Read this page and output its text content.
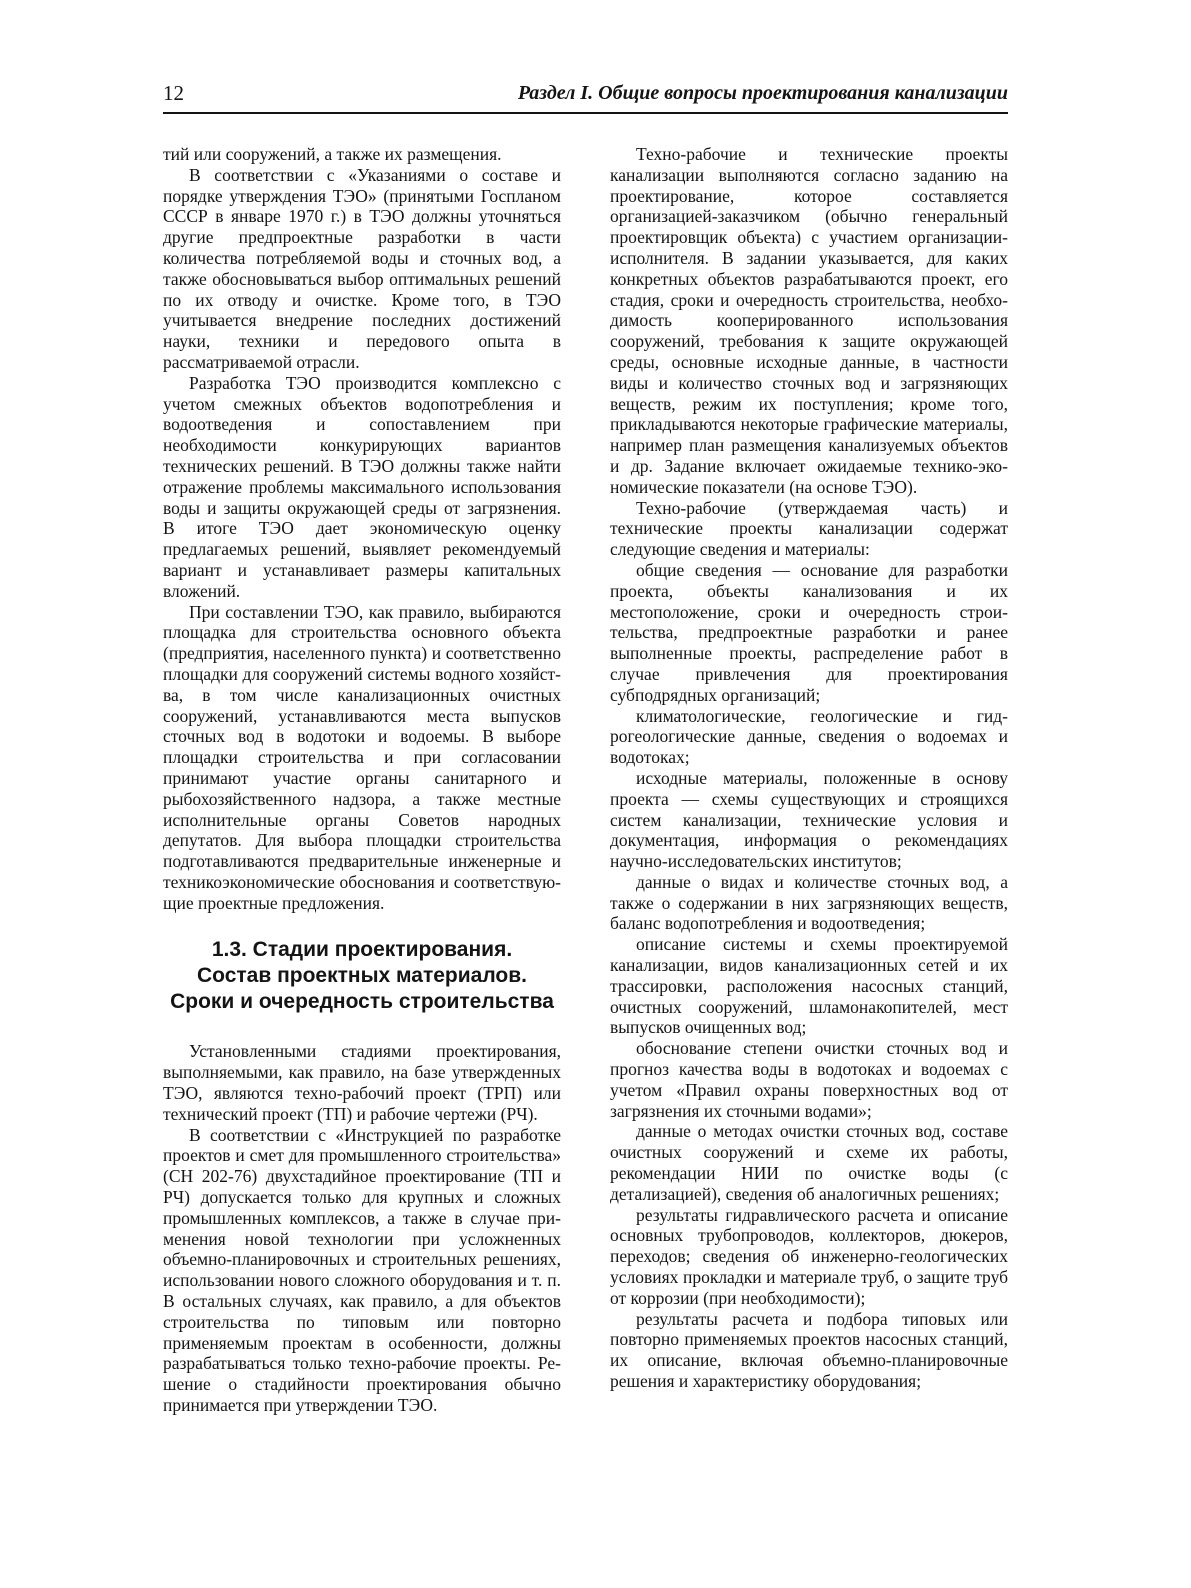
12	Раздел I. Общие вопросы проектирования канализации

тий или сооружений, а также их размещения.

В соответствии с «Указаниями о составе и порядке утверждения ТЭО» (принятыми Госпланом СССР в январе 1970 г.) в ТЭО должны уточняться другие предпроектные разработки в части количества потребляемой воды и сточных вод, а также обосновываться выбор оптимальных решений по их отводу и очистке. Кроме того, в ТЭО учитывается внедрение последних достижений науки, техники и передового опыта в рассматриваемой отрасли.

Разработка ТЭО производится комплексно с учетом смежных объектов водопотребления и водоотведения и сопоставлением при необходимости конкурирующих вариантов технических решений. В ТЭО должны также найти отражение проблемы максимального использования воды и защиты окружающей среды от загрязнения. В итоге ТЭО дает экономическую оценку предлагаемых решений, выявляет рекомендуемый вариант и устанавливает размеры капитальных вложений.

При составлении ТЭО, как правило, выбираются площадка для строительства основного объекта (предприятия, населенного пункта) и соответственно площадки для сооружений системы водного хозяйства, в том числе канализационных очистных сооружений, устанавливаются места выпусков сточных вод в водотоки и водоемы. В выборе площадки строительства и при согласовании принимают участие органы санитарного и рыбохозяйственного надзора, а также местные исполнительные органы Советов народных депутатов. Для выбора площадки строительства подготавливаются предварительные инженерные и техникоэкономические обоснования и соответствующие проектные предложения.

1.3. Стадии проектирования.
Состав проектных материалов.
Сроки и очередность строительства

Установленными стадиями проектирования, выполняемыми, как правило, на базе утвержденных ТЭО, являются техно-рабочий проект (ТРП) или технический проект (ТП) и рабочие чертежи (РЧ).

В соответствии с «Инструкцией по разработке проектов и смет для промышленного строительства» (СН 202-76) двухстадийное проектирование (ТП и РЧ) допускается только для крупных и сложных промышленных комплексов, а также в случае применения новой технологии при усложненных объемно-планировочных и строительных решениях, использовании нового сложного оборудования и т. п. В остальных случаях, как правило, а для объектов строительства по типовым или повторно применяемым проектам в особенности, должны разрабатываться только техно-рабочие проекты. Решение о стадийности проектирования обычно принимается при утверждении ТЭО.

Техно-рабочие и технические проекты канализации выполняются согласно заданию на проектирование, которое составляется организацией-заказчиком (обычно генеральный проектировщик объекта) с участием организации-исполнителя. В задании указывается, для каких конкретных объектов разрабатываются проект, его стадия, сроки и очередность строительства, необходимость кооперированного использования сооружений, требования к защите окружающей среды, основные исходные данные, в частности виды и количество сточных вод и загрязняющих веществ, режим их поступления; кроме того, прикладываются некоторые графические материалы, например план размещения канализуемых объектов и др. Задание включает ожидаемые технико-экономические показатели (на основе ТЭО).

Техно-рабочие (утверждаемая часть) и технические проекты канализации содержат следующие сведения и материалы:

общие сведения — основание для разработки проекта, объекты канализования и их местоположение, сроки и очередность строительства, предпроектные разработки и ранее выполненные проекты, распределение работ в случае привлечения для проектирования субподрядных организаций;

климатологические, геологические и гидрогеологические данные, сведения о водоемах и водотоках;

исходные материалы, положенные в основу проекта — схемы существующих и строящихся систем канализации, технические условия и документация, информация о рекомендациях научно-исследовательских институтов;

данные о видах и количестве сточных вод, а также о содержании в них загрязняющих веществ, баланс водопотребления и водоотведения;

описание системы и схемы проектируемой канализации, видов канализационных сетей и их трассировки, расположения насосных станций, очистных сооружений, шламонакопителей, мест выпусков очищенных вод;

обоснование степени очистки сточных вод и прогноз качества воды в водотоках и водоемах с учетом «Правил охраны поверхностных вод от загрязнения их сточными водами»;

данные о методах очистки сточных вод, составе очистных сооружений и схеме их работы, рекомендации НИИ по очистке воды (с детализацией), сведения об аналогичных решениях;

результаты гидравлического расчета и описание основных трубопроводов, коллекторов, дюкеров, переходов; сведения об инженерно-геологических условиях прокладки и материале труб, о защите труб от коррозии (при необходимости);

результаты расчета и подбора типовых или повторно применяемых проектов насосных станций, их описание, включая объемно-планировочные решения и характеристику оборудования;
